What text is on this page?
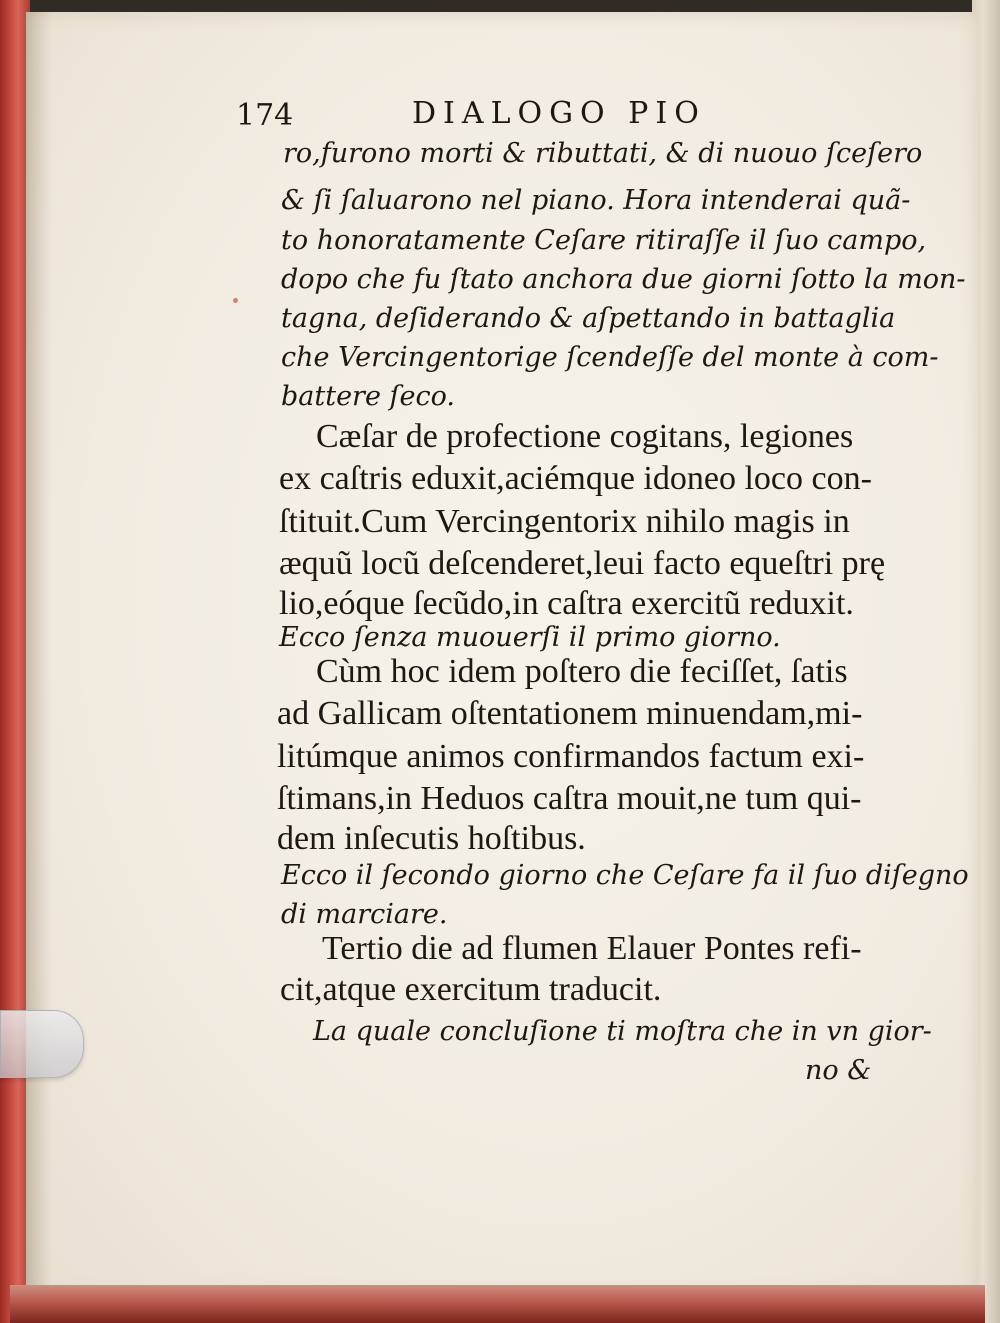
174	DIALOGO PIO
ro,furono morti & ributtati, & di nuouo ſceſero
& ſi ſaluarono nel piano. Hora intenderai quã-
to honoratamente Ceſare ritiraſſe il ſuo campo,
dopo che fu ſtato anchora due giorni ſotto la mon-
tagna, deſiderando & aſpettando in battaglia
che Vercingentorige ſcendeſſe del monte à com-
battere ſeco.
Cæſar de profectione cogitans, legiones
ex caſtris eduxit,aciémque idoneo loco con-
ſtituit.Cum Vercingentorix nihilo magis in
æquũ locũ deſcenderet,leui facto equeſtri prę
lio,eóque ſecũdo,in caſtra exercitũ reduxit.
Ecco ſenza muouerſi il primo giorno.
Cùm hoc idem poſtero die feciſſet, ſatis
ad Gallicam oſtentationem minuendam,mi-
litúmque animos confirmandos factum exi-
ſtimans,in Heduos caſtra mouit,ne tum qui-
dem inſecutis hoſtibus.
Ecco il ſecondo giorno che Ceſare fa il ſuo diſegno
di marciare.
Tertio die ad flumen Elauer Pontes refi-
cit,atque exercitum traducit.
La quale concluſione ti moſtra che in vn gior-
no &
